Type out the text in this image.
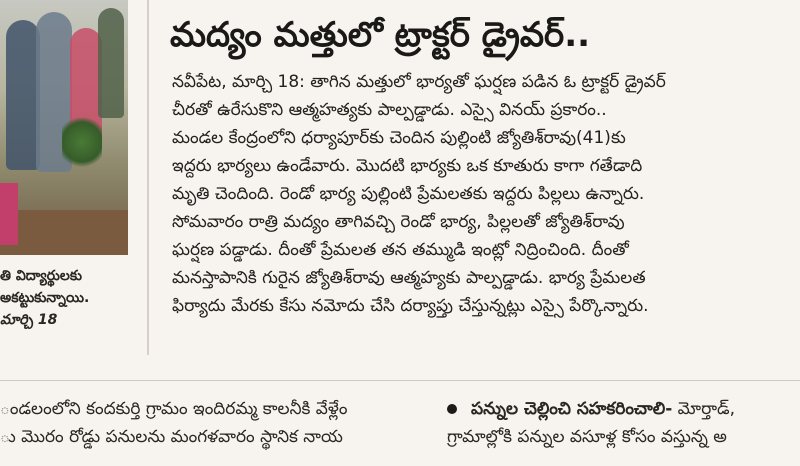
తి విద్యార్థులకు
అకట్టుకున్నాయి.
మార్చి 18
మద్యం మత్తులో ట్రాక్టర్ డ్రైవర్..
నవీపేట, మార్చి 18: తాగిన మత్తులో భార్యతో ఘర్షణ పడిన ఓ ట్రాక్టర్ డ్రైవర్
చీరతో ఉరేసుకొని ఆత్మహత్యకు పాల్పడ్డాడు. ఎస్సై వినయ్ ప్రకారం..
మండల కేంద్రంలోని ధర్యాపూర్‌కు చెందిన పుల్లింటి జ్యోతిశ్‌రావు(41)కు
ఇద్దరు భార్యలు ఉండేవారు. మొదటి భార్యకు ఒక కూతురు కాగా గతేడాది
మృతి చెందింది. రెండో భార్య పుల్లింటి ప్రేమలతకు ఇద్దరు పిల్లలు ఉన్నారు.
సోమవారం రాత్రి మద్యం తాగివచ్చి రెండో భార్య, పిల్లలతో జ్యోతిశ్‌రావు
ఘర్షణ పడ్డాడు. దీంతో ప్రేమలత తన తమ్ముడి ఇంట్లో నిద్రించింది. దీంతో
మనస్తాపానికి గురైన జ్యోతిశ్‌రావు ఆత్మహ్యకు పాల్పడ్డాడు. భార్య ప్రేమలత
ఫిర్యాదు మేరకు కేసు నమోదు చేసి దర్యాప్తు చేస్తున్నట్లు ఎస్సై పేర్కొన్నారు.
ండలంలోని కందకుర్తి గ్రామం ఇందిరమ్మ కాలనీకి వేళ్లేం
ు మొరం రోడ్డు పనులను మంగళవారం స్థానిక నాయ
పన్నుల చెల్లించి సహకరించాలి- మోర్తాడ్,
గ్రామాల్లోకి పన్నుల వసూళ్ల కోసం వస్తున్న అ
